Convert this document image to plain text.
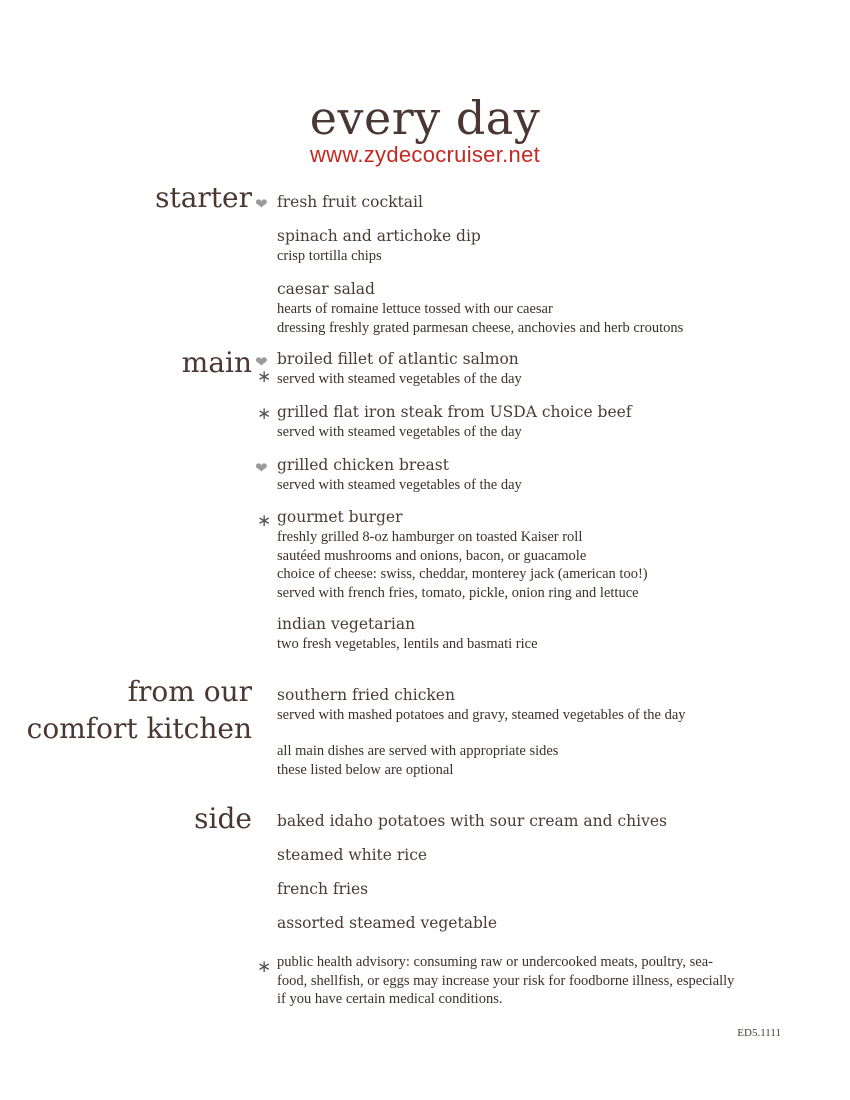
every day
www.zydecocruiser.net
starter
main
from our
comfort kitchen
side
❤
❤
∗
∗
❤
∗
∗
fresh fruit cocktail
spinach and artichoke dip
crisp tortilla chips
caesar salad
hearts of romaine lettuce tossed with our caesar
dressing freshly grated parmesan cheese, anchovies and herb croutons
broiled fillet of atlantic salmon
served with steamed vegetables of the day
grilled flat iron steak from USDA choice beef
served with steamed vegetables of the day
grilled chicken breast
served with steamed vegetables of the day
gourmet burger
freshly grilled 8-oz hamburger on toasted Kaiser roll
sautéed mushrooms and onions, bacon, or guacamole
choice of cheese: swiss, cheddar, monterey jack (american too!)
served with french fries, tomato, pickle, onion ring and lettuce
indian vegetarian
two fresh vegetables, lentils and basmati rice
southern fried chicken
served with mashed potatoes and gravy, steamed vegetables of the day
all main dishes are served with appropriate sides
these listed below are optional
baked idaho potatoes with sour cream and chives
steamed white rice
french fries
assorted steamed vegetable
public health advisory: consuming raw or undercooked meats, poultry, sea-
food, shellfish, or eggs may increase your risk for foodborne illness, especially
if you have certain medical conditions.
ED5.1111
